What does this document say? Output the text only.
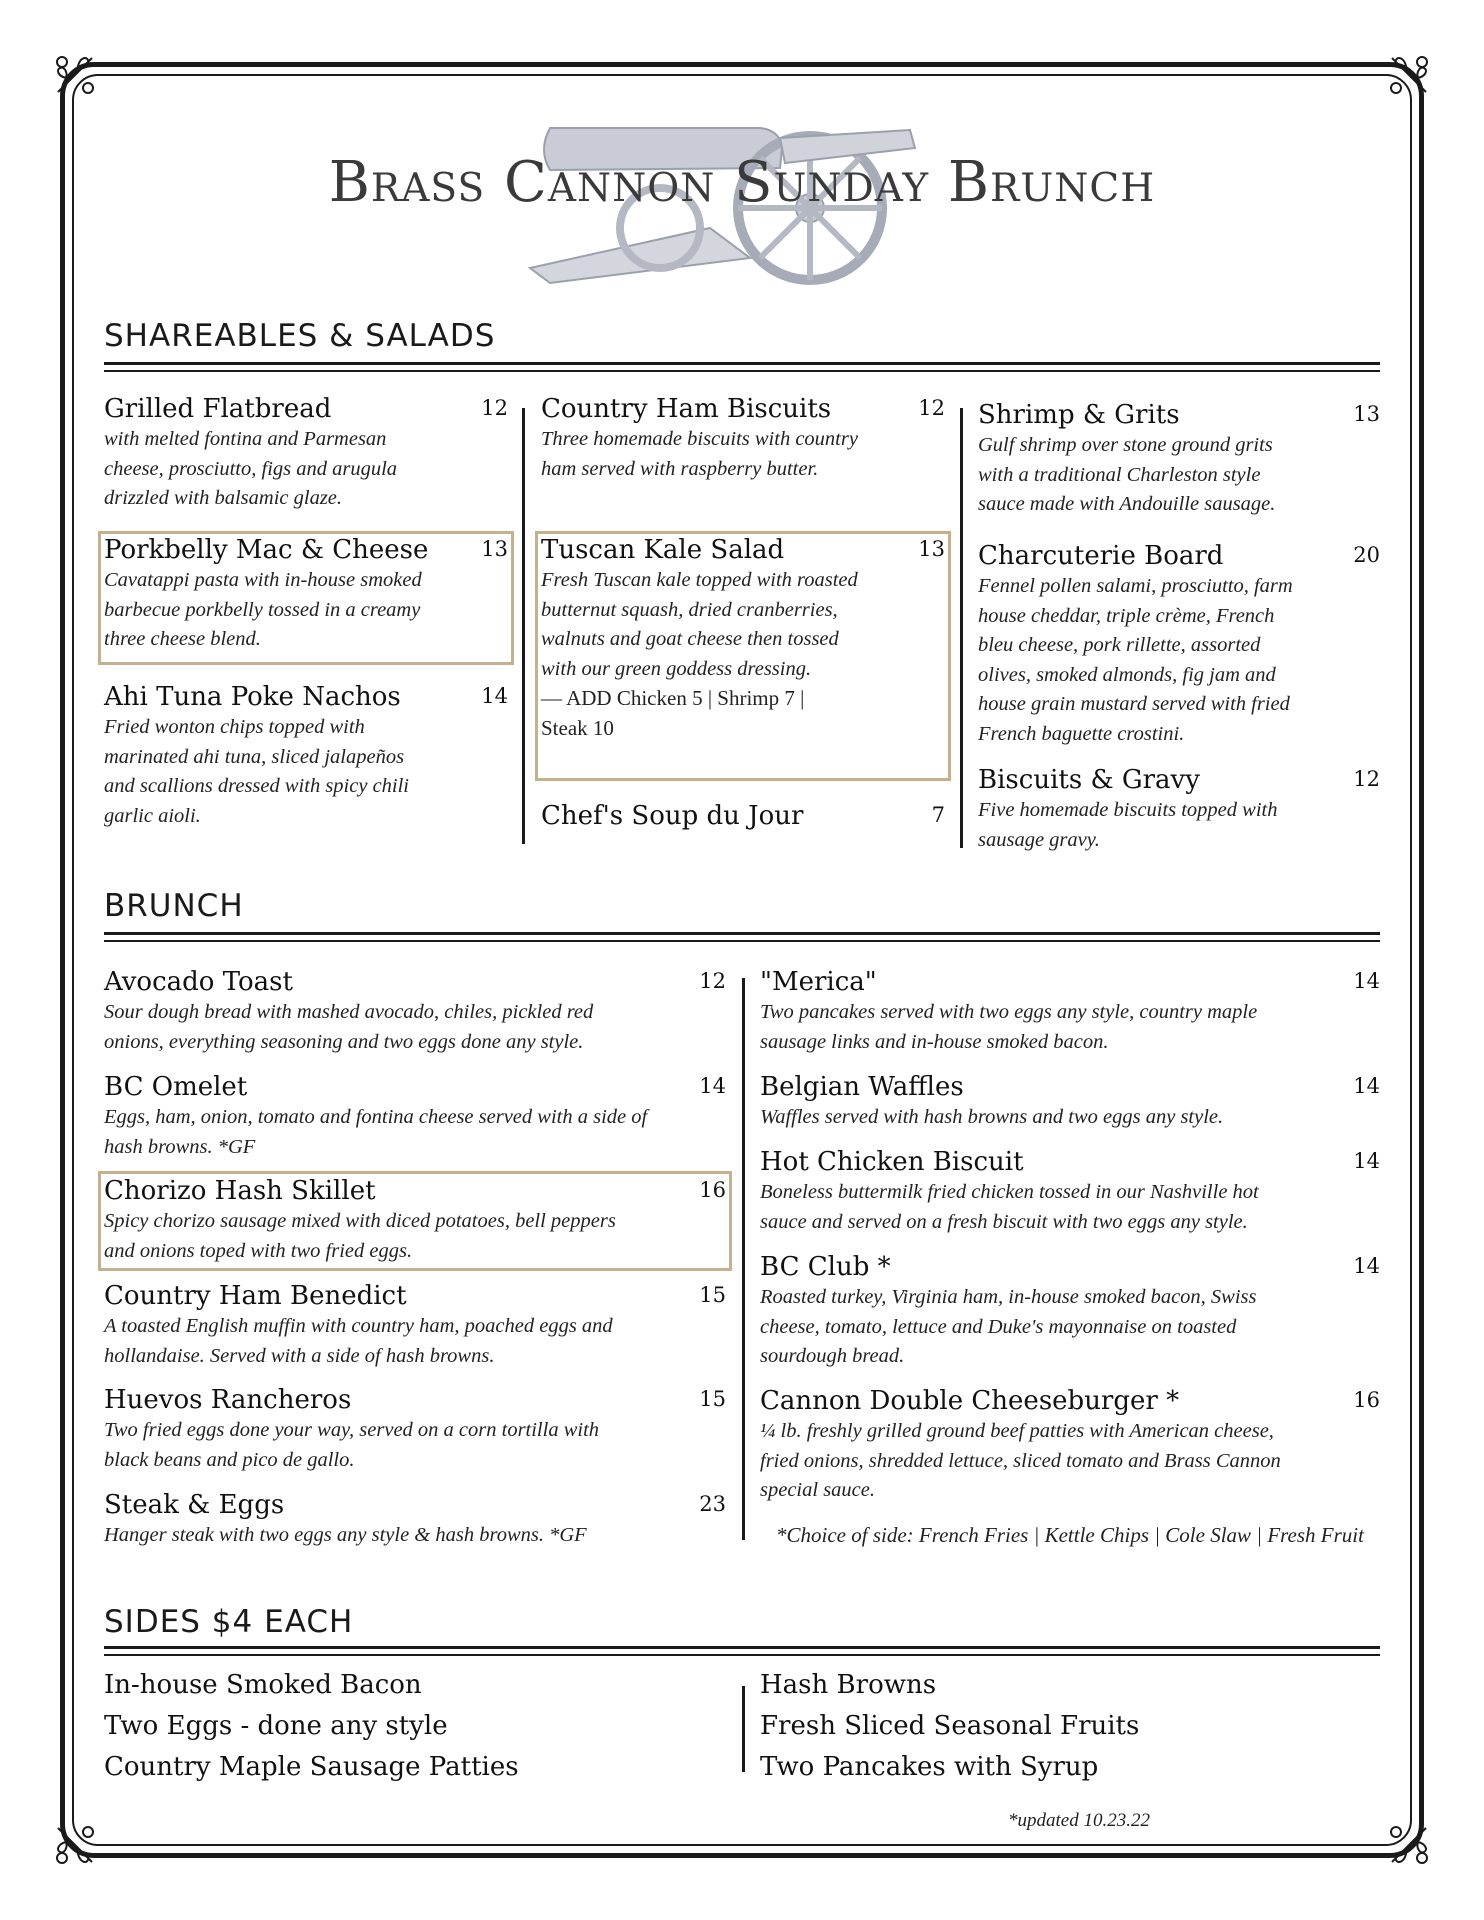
Brass Cannon Sunday Brunch
SHAREABLES & SALADS
Grilled Flatbread	12
with melted fontina and Parmesan cheese, prosciutto, figs and arugula drizzled with balsamic glaze.
Porkbelly Mac & Cheese	13
Cavatappi pasta with in-house smoked barbecue porkbelly tossed in a creamy three cheese blend.
Ahi Tuna Poke Nachos	14
Fried wonton chips topped with marinated ahi tuna, sliced jalapeños and scallions dressed with spicy chili garlic aioli.
Country Ham Biscuits	12
Three homemade biscuits with country ham served with raspberry butter.
Tuscan Kale Salad	13
Fresh Tuscan kale topped with roasted butternut squash, dried cranberries, walnuts and goat cheese then tossed with our green goddess dressing.
— ADD Chicken 5 | Shrimp 7 | Steak 10
Chef's Soup du Jour	7
Shrimp & Grits	13
Gulf shrimp over stone ground grits with a traditional Charleston style sauce made with Andouille sausage.
Charcuterie Board	20
Fennel pollen salami, prosciutto, farm house cheddar, triple crème, French bleu cheese, pork rillette, assorted olives, smoked almonds, fig jam and house grain mustard served with fried French baguette crostini.
Biscuits & Gravy	12
Five homemade biscuits topped with sausage gravy.
BRUNCH
Avocado Toast	12
Sour dough bread with mashed avocado, chiles, pickled red onions, everything seasoning and two eggs done any style.
BC Omelet	14
Eggs, ham, onion, tomato and fontina cheese served with a side of hash browns. *GF
Chorizo Hash Skillet	16
Spicy chorizo sausage mixed with diced potatoes, bell peppers and onions toped with two fried eggs.
Country Ham Benedict	15
A toasted English muffin with country ham, poached eggs and hollandaise. Served with a side of hash browns.
Huevos Rancheros	15
Two fried eggs done your way, served on a corn tortilla with black beans and pico de gallo.
Steak & Eggs	23
Hanger steak with two eggs any style & hash browns. *GF
"Merica"	14
Two pancakes served with two eggs any style, country maple sausage links and in-house smoked bacon.
Belgian Waffles	14
Waffles served with hash browns and two eggs any style.
Hot Chicken Biscuit	14
Boneless buttermilk fried chicken tossed in our Nashville hot sauce and served on a fresh biscuit with two eggs any style.
BC Club *	14
Roasted turkey, Virginia ham, in-house smoked bacon, Swiss cheese, tomato, lettuce and Duke's mayonnaise on toasted sourdough bread.
Cannon Double Cheeseburger *	16
¼ lb. freshly grilled ground beef patties with American cheese, fried onions, shredded lettuce, sliced tomato and Brass Cannon special sauce.
*Choice of side: French Fries | Kettle Chips | Cole Slaw | Fresh Fruit
SIDES $4 EACH
In-house Smoked Bacon
Two Eggs - done any style
Country Maple Sausage Patties
Hash Browns
Fresh Sliced Seasonal Fruits
Two Pancakes with Syrup
*updated 10.23.22
